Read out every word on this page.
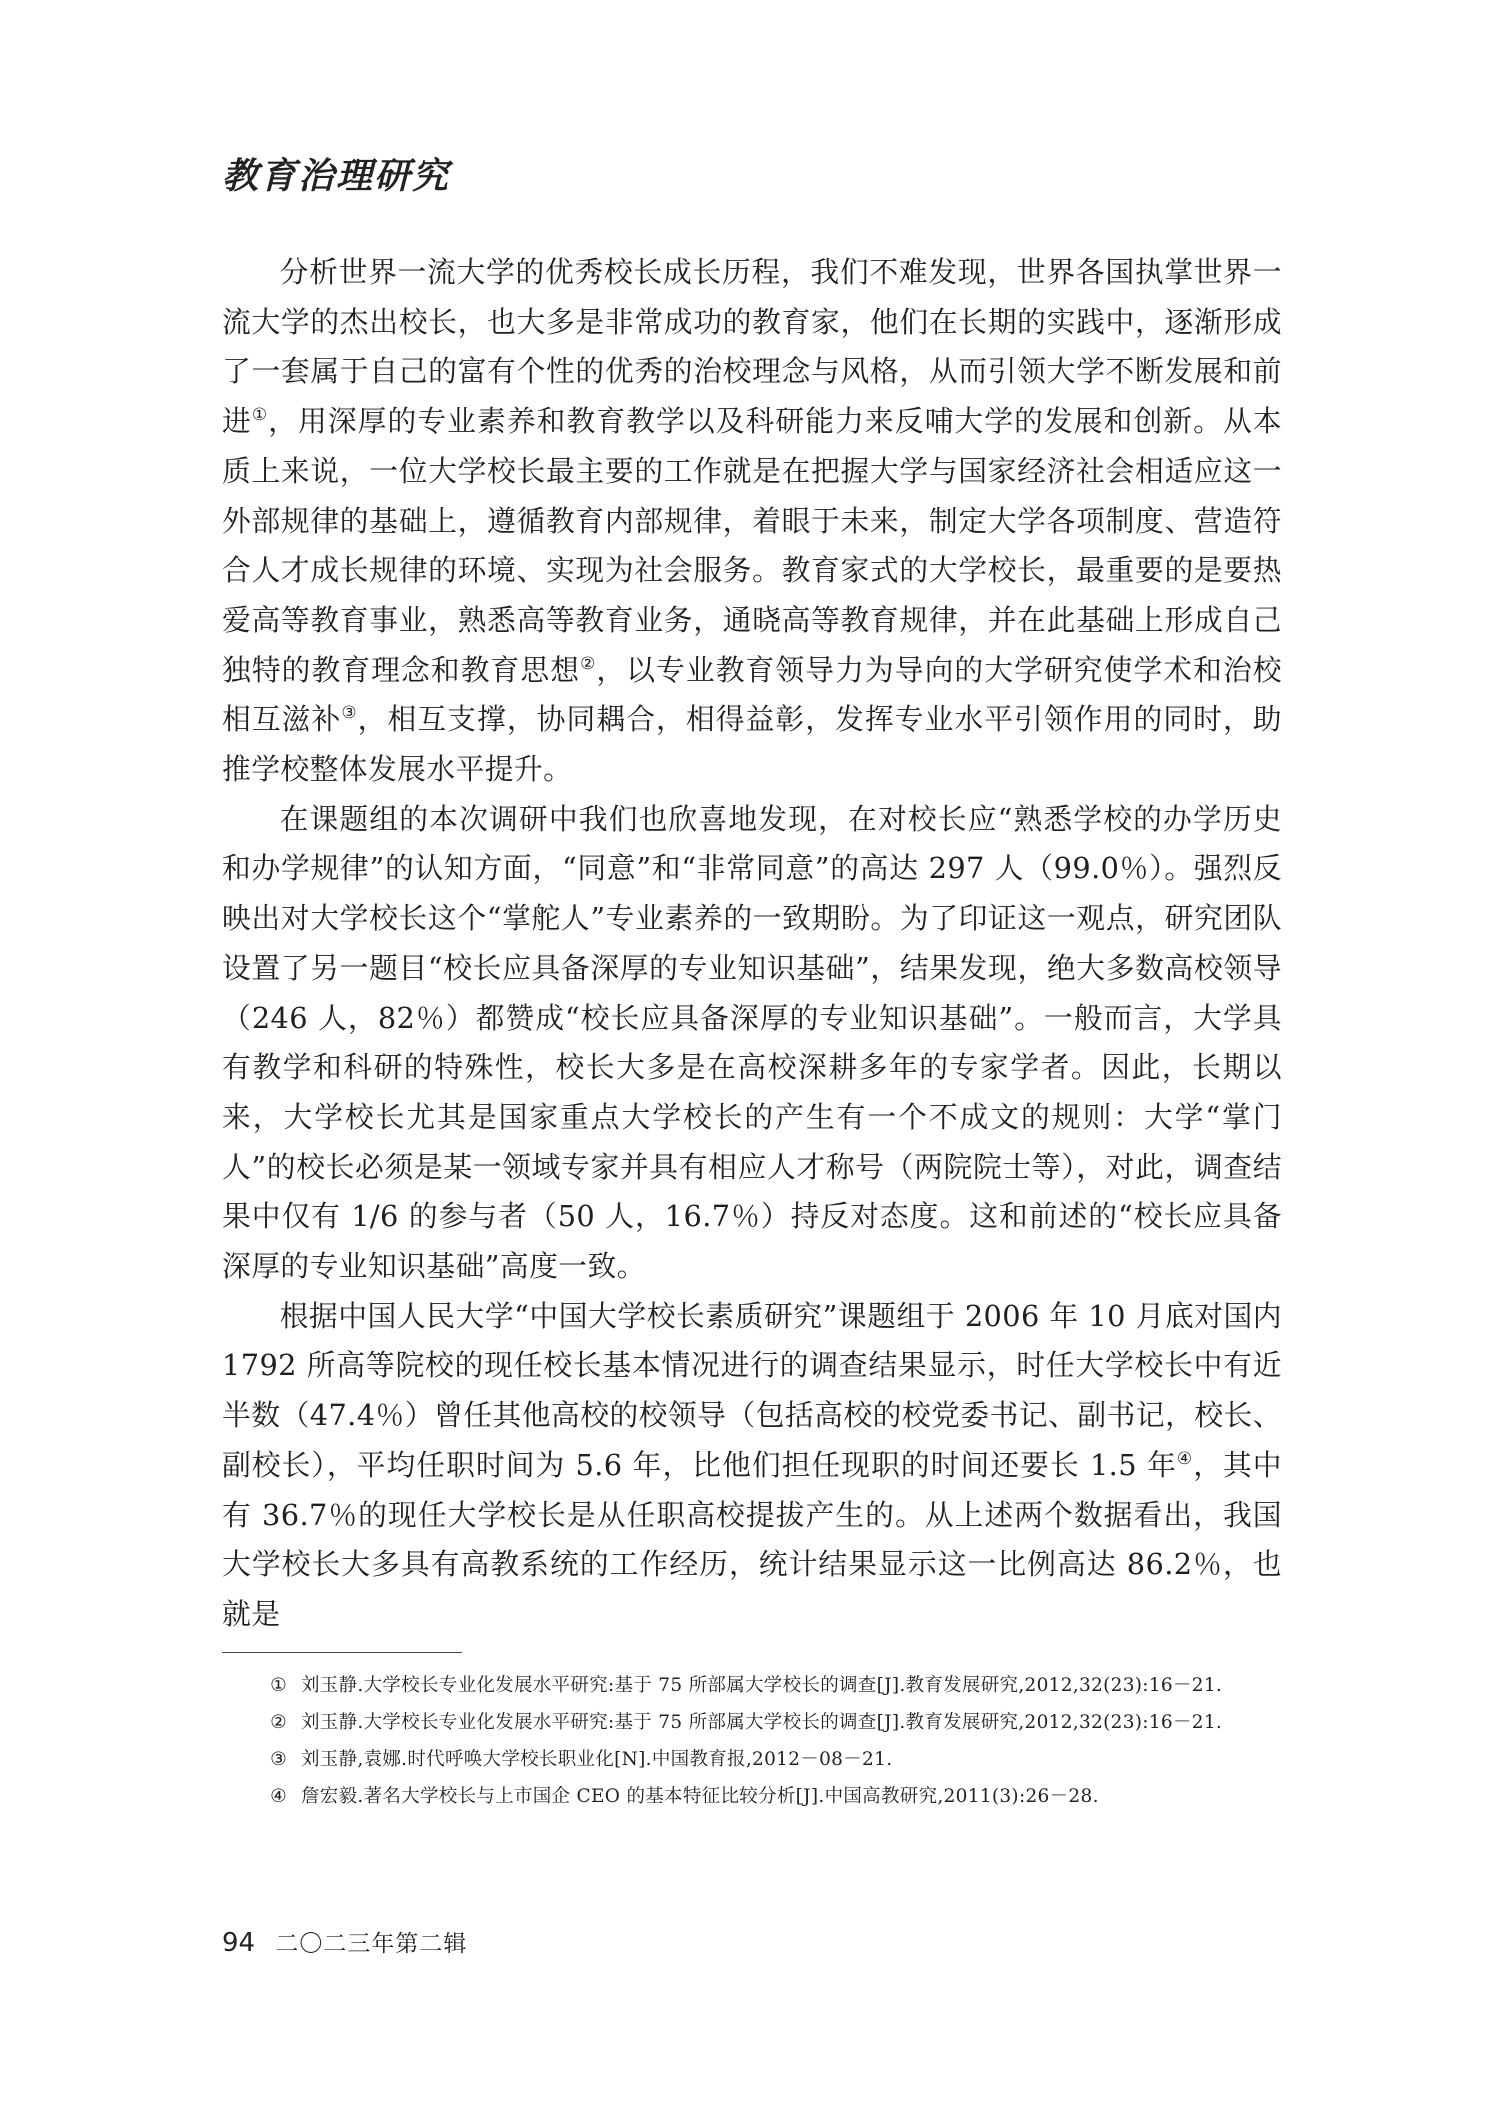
教育治理研究

分析世界一流大学的优秀校长成长历程，我们不难发现，世界各国执掌世界一流大学的杰出校长，也大多是非常成功的教育家，他们在长期的实践中，逐渐形成了一套属于自己的富有个性的优秀的治校理念与风格，从而引领大学不断发展和前进①，用深厚的专业素养和教育教学以及科研能力来反哺大学的发展和创新。从本质上来说，一位大学校长最主要的工作就是在把握大学与国家经济社会相适应这一外部规律的基础上，遵循教育内部规律，着眼于未来，制定大学各项制度、营造符合人才成长规律的环境、实现为社会服务。教育家式的大学校长，最重要的是要热爱高等教育事业，熟悉高等教育业务，通晓高等教育规律，并在此基础上形成自己独特的教育理念和教育思想②，以专业教育领导力为导向的大学研究使学术和治校相互滋补③，相互支撑，协同耦合，相得益彰，发挥专业水平引领作用的同时，助推学校整体发展水平提升。

在课题组的本次调研中我们也欣喜地发现，在对校长应“熟悉学校的办学历史和办学规律”的认知方面，“同意”和“非常同意”的高达 297 人（99.0％）。强烈反映出对大学校长这个“掌舵人”专业素养的一致期盼。为了印证这一观点，研究团队设置了另一题目“校长应具备深厚的专业知识基础”，结果发现，绝大多数高校领导（246 人，82％）都赞成“校长应具备深厚的专业知识基础”。一般而言，大学具有教学和科研的特殊性，校长大多是在高校深耕多年的专家学者。因此，长期以来，大学校长尤其是国家重点大学校长的产生有一个不成文的规则：大学“掌门人”的校长必须是某一领域专家并具有相应人才称号（两院院士等），对此，调查结果中仅有 1/6 的参与者（50 人，16.7％）持反对态度。这和前述的“校长应具备深厚的专业知识基础”高度一致。

根据中国人民大学“中国大学校长素质研究”课题组于 2006 年 10 月底对国内 1792 所高等院校的现任校长基本情况进行的调查结果显示，时任大学校长中有近半数（47.4％）曾任其他高校的校领导（包括高校的校党委书记、副书记，校长、副校长），平均任职时间为 5.6 年，比他们担任现职的时间还要长 1.5 年④，其中有 36.7％的现任大学校长是从任职高校提拔产生的。从上述两个数据看出，我国大学校长大多具有高教系统的工作经历，统计结果显示这一比例高达 86.2％，也就是

① 刘玉静.大学校长专业化发展水平研究:基于 75 所部属大学校长的调查[J].教育发展研究,2012,32(23):16－21.
② 刘玉静.大学校长专业化发展水平研究:基于 75 所部属大学校长的调查[J].教育发展研究,2012,32(23):16－21.
③ 刘玉静,袁娜.时代呼唤大学校长职业化[N].中国教育报,2012－08－21.
④ 詹宏毅.著名大学校长与上市国企 CEO 的基本特征比较分析[J].中国高教研究,2011(3):26－28.
94 二〇二三年第二辑
